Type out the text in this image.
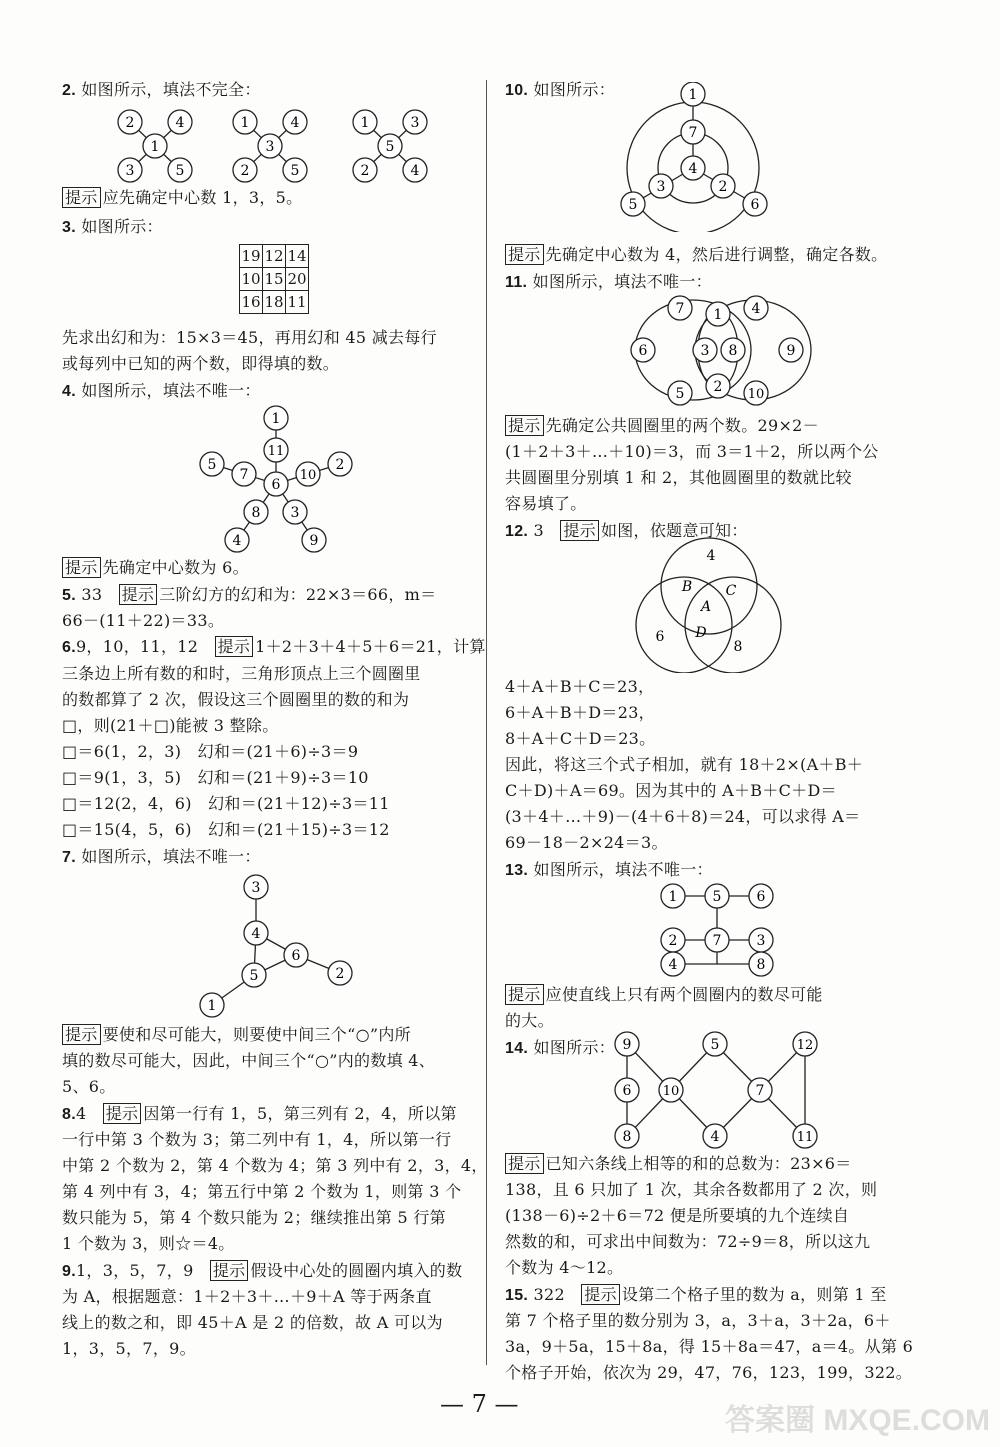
2. 如图所示，填法不完全：
2	4
1
3	5
1	4
3
2	5
1	3
5
2	4
提示 应先确定中心数 1，3，5。
3. 如图所示：
19	12	14
10	15	20
16	18	11
先求出幻和为：15×3＝45，再用幻和 45 减去每行
或每列中已知的两个数，即得填的数。
4. 如图所示，填法不唯一：
1
11
6
5
7	10
2
8 3
4	9
提示 先确定中心数为 6。
5. 33　提示 三阶幻方的幻和为：22×3＝66，m＝
66－(11＋22)＝33。
6.9，10，11，12　提示 1＋2＋3＋4＋5＋6＝21，计算
三条边上所有数的和时，三角形顶点上三个圆圈里
的数都算了 2 次，假设这三个圆圈里的数的和为
□，则(21＋□)能被 3 整除。
□＝6(1，2，3)　幻和＝(21＋6)÷3＝9
□＝9(1，3，5)　幻和＝(21＋9)÷3＝10
□＝12(2，4，6)　幻和＝(21＋12)÷3＝11
□＝15(4，5，6)　幻和＝(21＋15)÷3＝12
7. 如图所示，填法不唯一：
3
4
6
5	2
1
提示 要使和尽可能大，则要使中间三个“○”内所
填的数尽可能大，因此，中间三个“○”内的数填 4、
5、6。
8.4　提示 因第一行有 1，5，第三列有 2，4，所以第
一行中第 3 个数为 3；第二列中有 1，4，所以第一行
中第 2 个数为 2，第 4 个数为 4；第 3 列中有 2，3，4，
第 4 列中有 3，4；第五行中第 2 个数为 1，则第 3 个
数只能为 5，第 4 个数只能为 2；继续推出第 5 行第
1 个数为 3，则☆＝4。
9.1，3，5，7，9　提示 假设中心处的圆圈内填入的数
为 A，根据题意：1＋2＋3＋…＋9＋A 等于两条直
线上的数之和，即 45＋A 是 2 的倍数，故 A 可以为
1，3，5，7，9。
10. 如图所示：	1
7
4
3	2
5	6
提示 先确定中心数为 4，然后进行调整，确定各数。
11. 如图所示，填法不唯一：
7 1 4
6	3 8	9
2
5	10
提示 先确定公共圆圈里的两个数。29×2－
(1＋2＋3＋…＋10)＝3，而 3＝1＋2，所以两个公
共圆圈里分别填 1 和 2，其他圆圈里的数就比较
容易填了。
12. 3　提示 如图，依题意可知：
4
B C
A
D
6
8
4＋A＋B＋C＝23，
6＋A＋B＋D＝23，
8＋A＋C＋D＝23。
因此，将这三个式子相加，就有 18＋2×(A＋B＋
C＋D)＋A＝69。因为其中的 A＋B＋C＋D＝
(3＋4＋…＋9)－(4＋6＋8)＝24，可以求得 A＝
69－18－2×24＝3。
13. 如图所示，填法不唯一：
1	5	6
2	7	3
4	8
提示 应使直线上只有两个圆圈内的数尽可能
的大。
14. 如图所示： 9
6
8
10
5
4
7
12
11
提示 已知六条线上相等的和的总数为：23×6＝
138，且 6 只加了 1 次，其余各数都用了 2 次，则
(138－6)÷2＋6＝72 便是所要填的九个连续自
然数的和，可求出中间数为：72÷9＝8，所以这九
个数为 4～12。
15. 322　提示 设第二个格子里的数为 a，则第 1 至
第 7 个格子里的数分别为 3，a，3＋a，3＋2a，6＋
3a，9＋5a，15＋8a，得 15＋8a＝47，a＝4。从第 6
个格子开始，依次为 29，47，76，123，199，322。
— 7 —	答案圈 MXQE.COM
